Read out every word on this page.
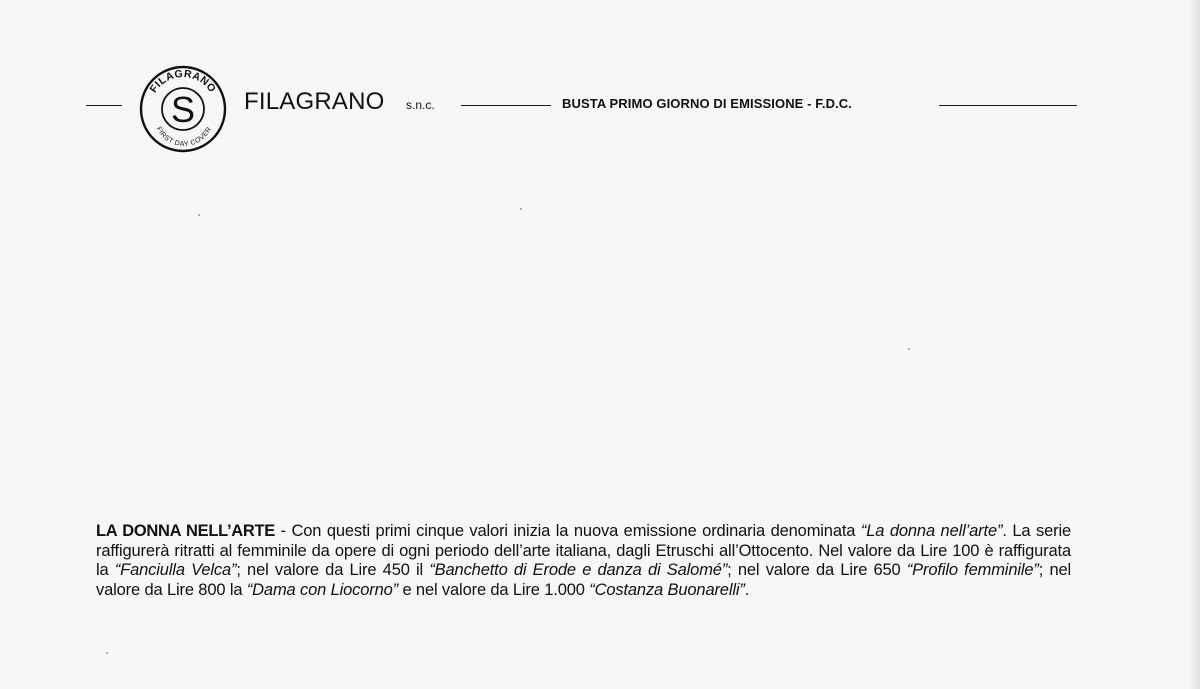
S
FILAGRANO
FIRST DAY COVER
FILAGRANO s.n.c.	BUSTA PRIMO GIORNO DI EMISSIONE - F.D.C.
LA DONNA NELL’ARTE - Con questi primi cinque valori inizia la nuova emissione ordinaria denominata “La donna nell’arte”. La serie raffigurerà ritratti al femminile da opere di ogni periodo dell’arte italiana, dagli Etruschi all’Ottocento. Nel valore da Lire 100 è raffigurata la “Fanciulla Velca”; nel valore da Lire 450 il “Banchetto di Erode e danza di Salomé”; nel valore da Lire 650 “Profilo femminile”; nel valore da Lire 800 la “Dama con Liocorno” e nel valore da Lire 1.000 “Costanza Buonarelli”.
